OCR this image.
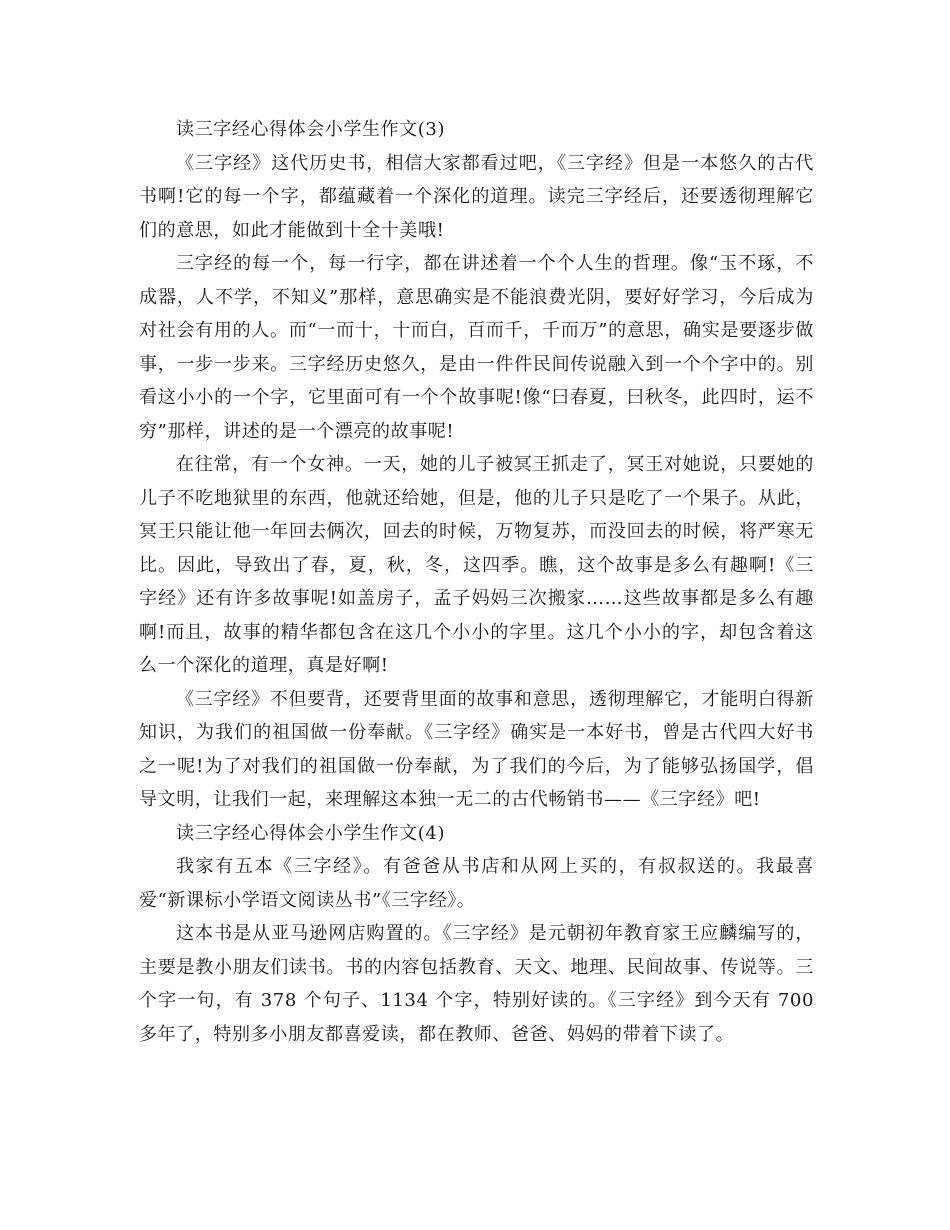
读三字经心得体会小学生作文(3)

《三字经》这代历史书，相信大家都看过吧，《三字经》但是一本悠久的古代书啊!它的每一个字，都蕴藏着一个深化的道理。读完三字经后，还要透彻理解它们的意思，如此才能做到十全十美哦!

三字经的每一个，每一行字，都在讲述着一个个人生的哲理。像“玉不琢，不成器，人不学，不知义”那样，意思确实是不能浪费光阴，要好好学习，今后成为对社会有用的人。而“一而十，十而白，百而千，千而万”的意思，确实是要逐步做事，一步一步来。三字经历史悠久，是由一件件民间传说融入到一个个字中的。别看这小小的一个字，它里面可有一个个故事呢!像“曰春夏，曰秋冬，此四时，运不穷”那样，讲述的是一个漂亮的故事呢!

在往常，有一个女神。一天，她的儿子被冥王抓走了，冥王对她说，只要她的儿子不吃地狱里的东西，他就还给她，但是，他的儿子只是吃了一个果子。从此，冥王只能让他一年回去俩次，回去的时候，万物复苏，而没回去的时候，将严寒无比。因此，导致出了春，夏，秋，冬，这四季。瞧，这个故事是多么有趣啊!《三字经》还有许多故事呢!如盖房子，孟子妈妈三次搬家……这些故事都是多么有趣啊!而且，故事的精华都包含在这几个小小的字里。这几个小小的字，却包含着这么一个深化的道理，真是好啊!

《三字经》不但要背，还要背里面的故事和意思，透彻理解它，才能明白得新知识，为我们的祖国做一份奉献。《三字经》确实是一本好书，曾是古代四大好书之一呢!为了对我们的祖国做一份奉献，为了我们的今后，为了能够弘扬国学，倡导文明，让我们一起，来理解这本独一无二的古代畅销书——《三字经》吧!

读三字经心得体会小学生作文(4)

我家有五本《三字经》。有爸爸从书店和从网上买的，有叔叔送的。我最喜爱“新课标小学语文阅读丛书”《三字经》。

这本书是从亚马逊网店购置的。《三字经》是元朝初年教育家王应麟编写的，主要是教小朋友们读书。书的内容包括教育、天文、地理、民间故事、传说等。三个字一句，有 378 个句子、1134 个字，特别好读的。《三字经》到今天有 700 多年了，特别多小朋友都喜爱读，都在教师、爸爸、妈妈的带着下读了。
